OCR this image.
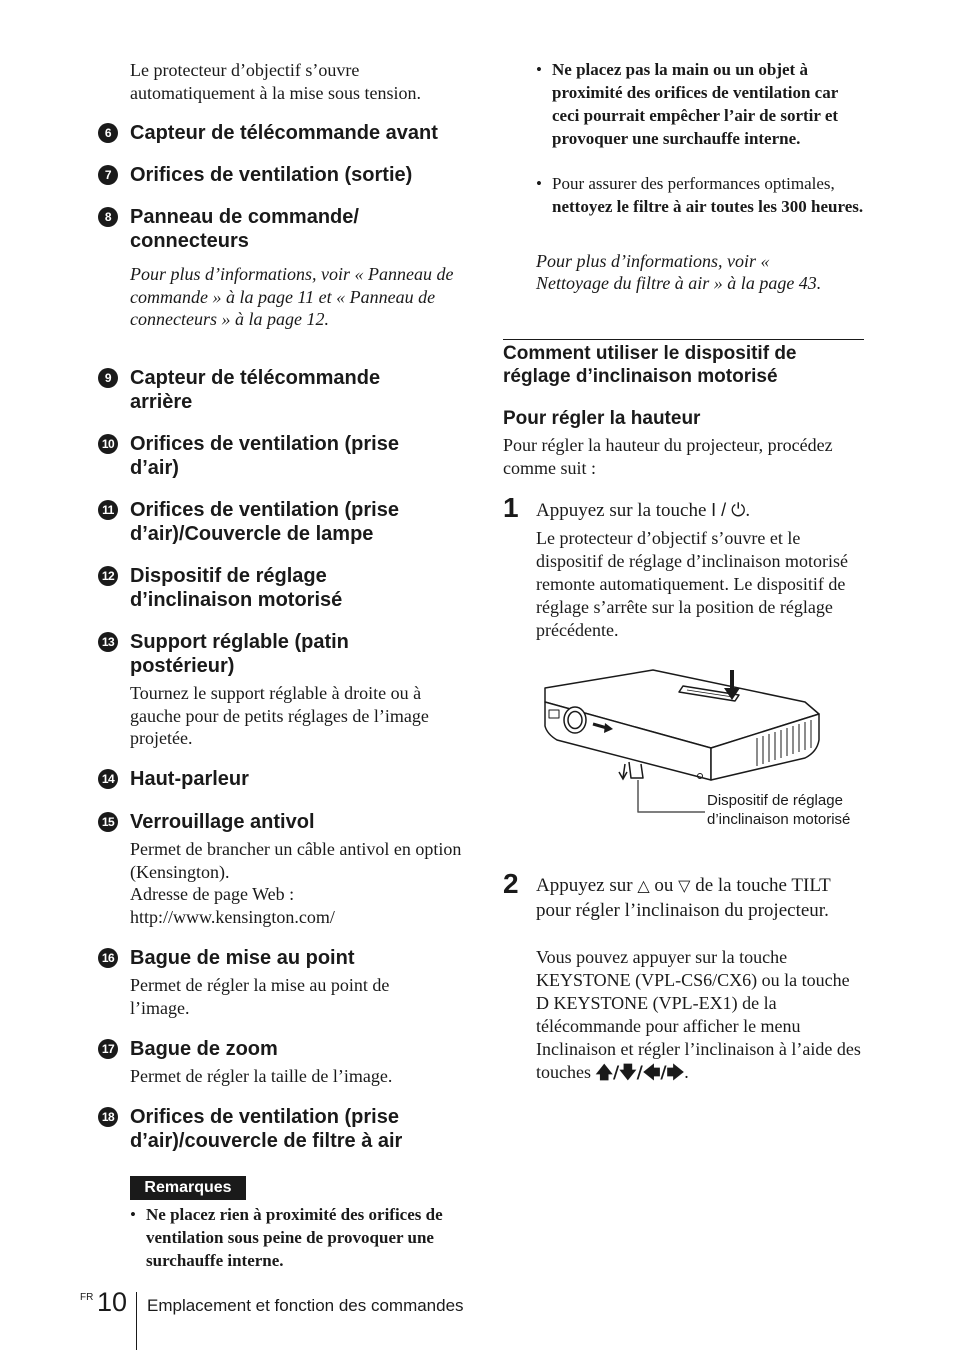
Le protecteur d’objectif s’ouvre automatiquement à la mise sous tension.
6 Capteur de télécommande avant
7 Orifices de ventilation (sortie)
8 Panneau de commande/ connecteurs
Pour plus d’informations, voir « Panneau de commande » à la page 11 et « Panneau de connecteurs » à la page 12.
9 Capteur de télécommande arrière
10 Orifices de ventilation (prise d’air)
11 Orifices de ventilation (prise d’air)/Couvercle de lampe
12 Dispositif de réglage d’inclinaison motorisé
13 Support réglable (patin postérieur)
Tournez le support réglable à droite ou à gauche pour de petits réglages de l’image projetée.
14 Haut-parleur
15 Verrouillage antivol
Permet de brancher un câble antivol en option (Kensington).
Adresse de page Web : http://www.kensington.com/
16 Bague de mise au point
Permet de régler la mise au point de l’image.
17 Bague de zoom
Permet de régler la taille de l’image.
18 Orifices de ventilation (prise d’air)/couvercle de filtre à air
Remarques
• Ne placez rien à proximité des orifices de ventilation sous peine de provoquer une surchauffe interne.
• Ne placez pas la main ou un objet à proximité des orifices de ventilation car ceci pourrait empêcher l’air de sortir et provoquer une surchauffe interne.
• Pour assurer des performances optimales, nettoyez le filtre à air toutes les 300 heures.
Pour plus d’informations, voir « Nettoyage du filtre à air » à la page 43.
Comment utiliser le dispositif de réglage d’inclinaison motorisé
Pour régler la hauteur
Pour régler la hauteur du projecteur, procédez comme suit :
1 Appuyez sur la touche I / ⏻.
Le protecteur d’objectif s’ouvre et le dispositif de réglage d’inclinaison motorisé remonte automatiquement. Le dispositif de réglage s’arrête sur la position de réglage précédente.
Dispositif de réglage d’inclinaison motorisé
2 Appuyez sur △ ou ▽ de la touche TILT pour régler l’inclinaison du projecteur.
Vous pouvez appuyer sur la touche KEYSTONE (VPL-CS6/CX6) ou la touche D KEYSTONE (VPL-EX1) de la télécommande pour afficher le menu Inclinaison et régler l’inclinaison à l’aide des touches 🡅/🡇/🡄/🡆.
FR 10 Emplacement et fonction des commandes
